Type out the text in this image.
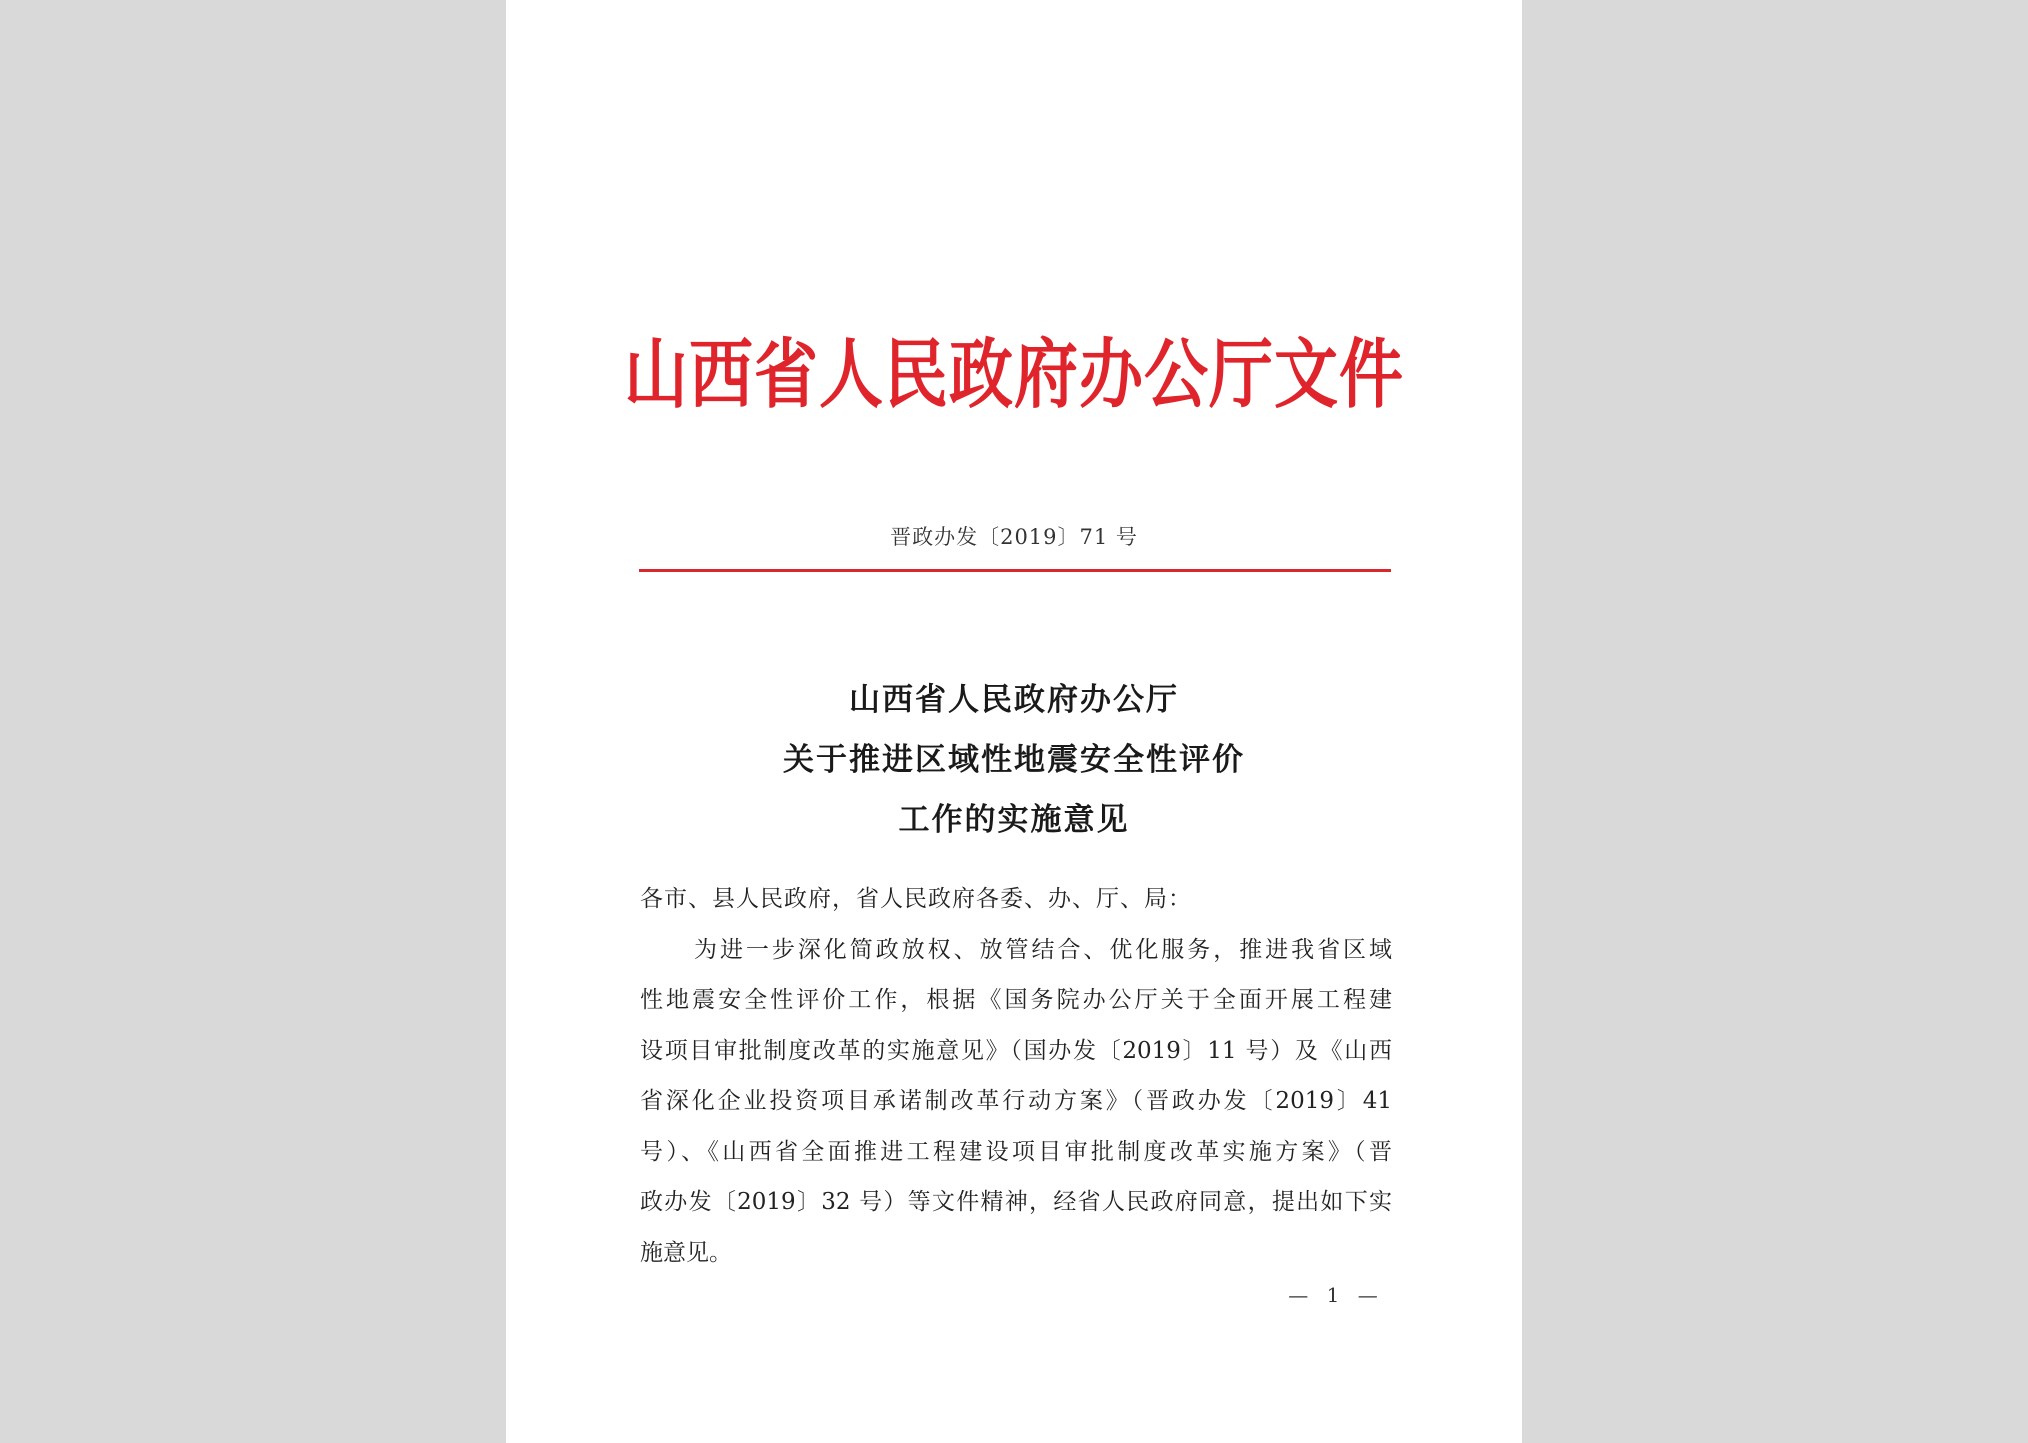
山西省人民政府办公厅文件
晋政办发〔2019〕71 号
山西省人民政府办公厅
关于推进区域性地震安全性评价
工作的实施意见

各市、县人民政府，省人民政府各委、办、厅、局：

为进一步深化简政放权、放管结合、优化服务，推进我省区域
性地震安全性评价工作，根据《国务院办公厅关于全面开展工程建
设项目审批制度改革的实施意见》（国办发〔2019〕11 号）及《山西
省深化企业投资项目承诺制改革行动方案》（晋政办发〔2019〕41
号）、《山西省全面推进工程建设项目审批制度改革实施方案》（晋
政办发〔2019〕32 号）等文件精神，经省人民政府同意，提出如下实
施意见。
— 1 —
